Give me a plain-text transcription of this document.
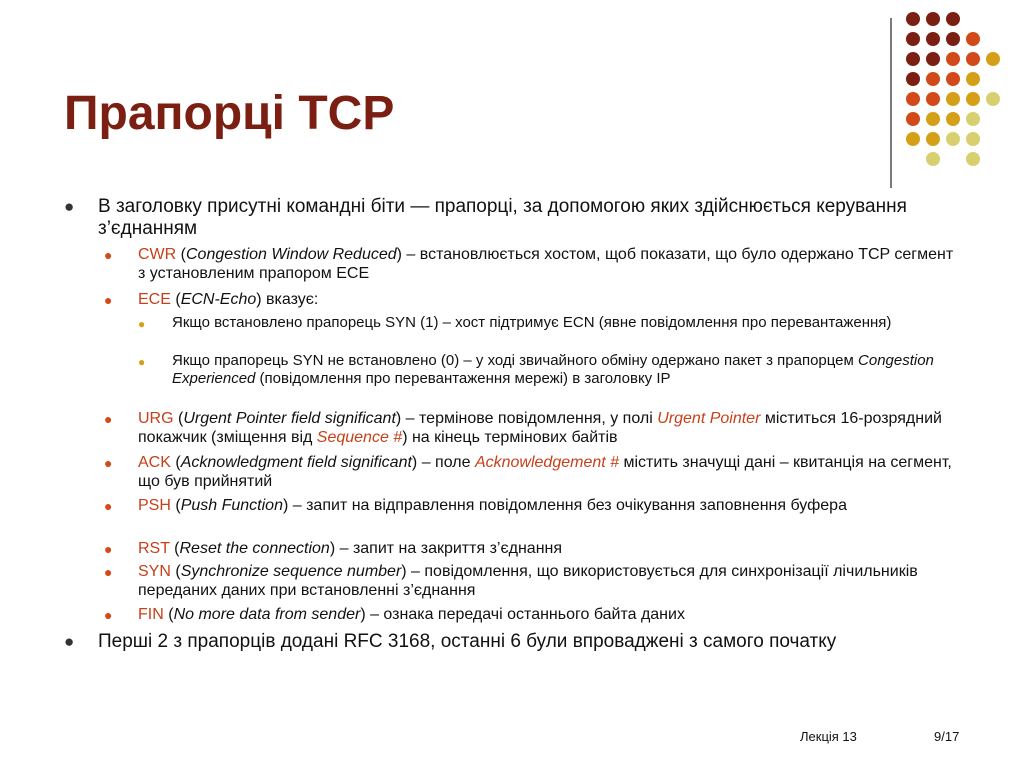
Прапорці TCP
● В заголовку присутні командні біти — прапорці, за допомогою яких здійснюється керування з’єднанням
● CWR (Congestion Window Reduced) – встановлюється хостом, щоб показати, що було одержано TCP сегмент з установленим прапором ECE
● ECE (ECN-Echo) вказує:
● Якщо встановлено прапорець SYN (1) – хост підтримує ECN (явне повідомлення про перевантаження)
● Якщо прапорець SYN не встановлено (0) – у ході звичайного обміну одержано пакет з прапорцем Congestion Experienced (повідомлення про перевантаження мережі) в заголовку IP
● URG (Urgent Pointer field significant) – термінове повідомлення, у полі Urgent Pointer міститься 16-розрядний покажчик (зміщення від Sequence #) на кінець термінових байтів
● ACK (Acknowledgment field significant) – поле Acknowledgement # містить значущі дані – квитанція на сегмент, що був прийнятий
● PSH (Push Function) – запит на відправлення повідомлення без очікування заповнення буфера
● RST (Reset the connection) – запит на закриття з’єднання
● SYN (Synchronize sequence number) – повідомлення, що використовується для синхронізації лічильників переданих даних при встановленні з’єднання
● FIN (No more data from sender) – ознака передачі останнього байта даних
● Перші 2 з прапорців додані RFC 3168, останні 6 були впроваджені з самого початку
Лекція 13	9/17
